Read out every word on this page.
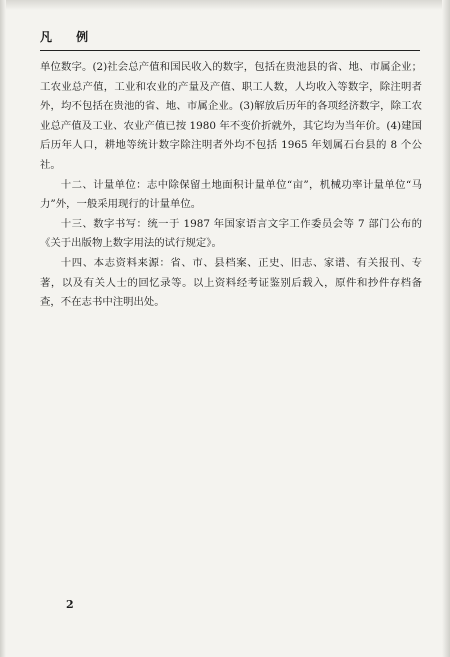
凡 例

单位数字。(2)社会总产值和国民收入的数字，包括在贵池县的省、地、市属企业；工农业总产值，工业和农业的产量及产值、职工人数，人均收入等数字，除注明者外，均不包括在贵池的省、地、市属企业。(3)解放后历年的各项经济数字，除工农业总产值及工业、农业产值已按 1980 年不变价折就外，其它均为当年价。(4)建国后历年人口，耕地等统计数字除注明者外均不包括 1965 年划属石台县的 8 个公社。

十二、计量单位：志中除保留土地面积计量单位“亩”，机械功率计量单位“马力”外，一般采用现行的计量单位。

十三、数字书写：统一于 1987 年国家语言文字工作委员会等 7 部门公布的《关于出版物上数字用法的试行规定》。

十四、本志资料来源：省、市、县档案、正史、旧志、家谱、有关报刊、专著，以及有关人士的回忆录等。以上资料经考证鉴别后载入，原件和抄件存档备查，不在志书中注明出处。

2
